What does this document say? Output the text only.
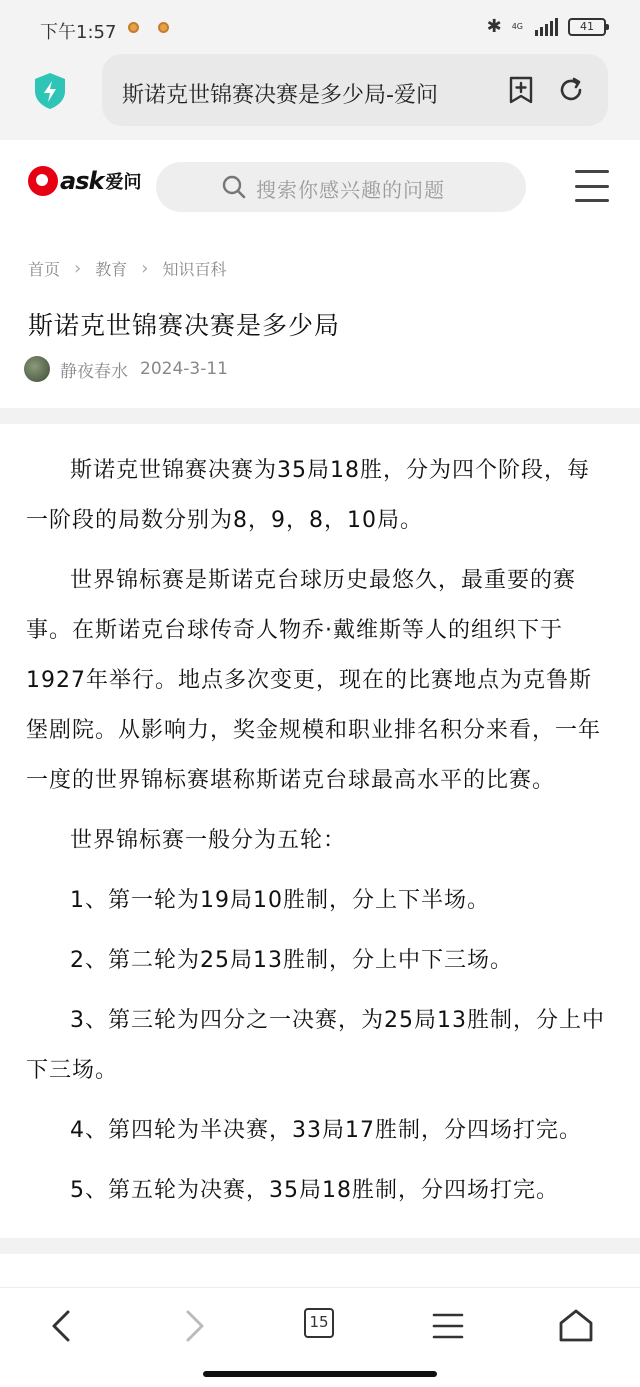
下午1:57	✱ 4G	41
斯诺克世锦赛决赛是多少局-爱问
ask 爱问	搜索你感兴趣的问题
首页 › 教育 › 知识百科
斯诺克世锦赛决赛是多少局
静夜春水 2024-3-11

斯诺克世锦赛决赛为35局18胜，分为四个阶段，每一阶段的局数分别为8，9，8，10局。

世界锦标赛是斯诺克台球历史最悠久，最重要的赛事。在斯诺克台球传奇人物乔·戴维斯等人的组织下于1927年举行。地点多次变更，现在的比赛地点为克鲁斯堡剧院。从影响力，奖金规模和职业排名积分来看，一年一度的世界锦标赛堪称斯诺克台球最高水平的比赛。

世界锦标赛一般分为五轮：

1、第一轮为19局10胜制，分上下半场。

2、第二轮为25局13胜制，分上中下三场。

3、第三轮为四分之一决赛，为25局13胜制，分上中下三场。

4、第四轮为半决赛，33局17胜制，分四场打完。

5、第五轮为决赛，35局18胜制，分四场打完。

15
